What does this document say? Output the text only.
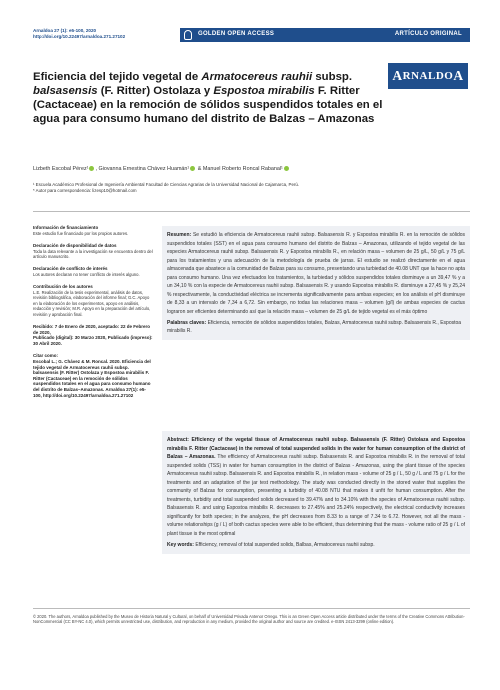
Arnaldoa 27 (1): e5-100, 2020
http://doi.org/10.22497/arnaldoa.271.27102	GOLDEN OPEN ACCESS	ARTÍCULO ORIGINAL
Eficiencia del tejido vegetal de Armatocereus rauhii subsp. balsasensis (F. Ritter) Ostolaza y Espostoa mirabilis F. Ritter (Cactaceae) en la remoción de sólidos suspendidos totales en el agua para consumo humano del distrito de Balzas – Amazonas
A RNALDO A
Lizbeth Escobal Pérez¹ , Giovanna Ernestina Chávez Huamán¹ & Manuel Roberto Roncal Rabanal¹
¹ Escuela Académico Profesional de Ingeniería Ambiental Facultad de Ciencias Agrarias de la Universidad Nacional de Cajamarca, Perú.
* Autor para correspondencia: lizesp10@hotmail.com
Información de financiamiento
Este estudio fue financiado por los propios autores.
Declaración de disponibilidad de datos
Toda la data relevante a la investigación se encuentra dentro del artículo manuscrito.
Declaración de conflicto de interés
Los autores declaran no tener conflicto de interés alguno.
Contribución de los autores
L.E. Realización de la tesis experimental, análisis de datos, revisión bibliográfica, elaboración del informe final; G.C. Apoyo en la elaboración de los experimentos, apoyo en análisis, redacción y revisión; M.R. Apoyo en la preparación del artículo, revisión y aprobación final.
Recibido: 7 de Enero de 2020, aceptado: 22 de Febrero de 2020,
Publicado (digital): 30 Marzo 2020, Publicado (impreso): 30 Abril 2020.
Citar como:
Escobal L.; G. Chávez & M. Roncal. 2020. Eficiencia del tejido vegetal de Armatocereus rauhii subsp. balsasensis (F. Ritter) Ostolaza y Espostoa mirabilis F. Ritter (Cactaceae) en la remoción de sólidos suspendidos totales en el agua para consumo humano del distrito de Balzas–Amazonas. Arnaldoa 27(1): e5-100, http://doi.org/10.22497/arnaldoa.271.27102
Resumen: Se estudió la eficiencia de Armatocereus rauhii subsp. Balsasensis R. y Espostoa mirabilis R. en la remoción de sólidos suspendidos totales (SST) en el agua para consumo humano del distrito de Balzas – Amazonas, utilizando el tejido vegetal de las especies Armatocereus rauhii subsp. Balsasensis R. y Espostoa mirabilis R., en relación masa – volumen de 25 g/L, 50 g/L y 75 g/L para los tratamientos y una adecuación de la metodología de prueba de jarras. El estudio se realizó directamente en el agua almacenada que abastece a la comunidad de Balzas para su consumo, presentando una turbiedad de 40.08 UNT que la hace no apta para consumo humano. Una vez efectuados los tratamientos, la turbiedad y sólidos suspendidos totales disminuye a un 39,47 % y a un 34,10 % con la especie de Armatocereus rauhii subsp. Balsasensis R. y usando Espostoa mirabilis R. disminuye a 27,45 % y 25,24 % respectivamente, la conductividad eléctrica se incrementa significativamente para ambas especies; en los análisis el pH disminuye de 8,33 a un intervalo de 7,34 a 6,72. Sin embargo, no todas las relaciones masa – volumen (g/l) de ambas especies de cactus lograron ser eficientes determinando así que la relación masa – volumen de 25 g/L de tejido vegetal es el más óptimo
Palabras claves: Eficiencia, remoción de sólidos suspendidos totales, Balzas, Armatocereus rauhii subsp. Balsasensis R., Espostoa mirabilis R.
Abstract: Efficiency of the vegetal tissue of Armatocereus rauhii subsp. Balsasensis (F. Ritter) Ostolaza and Espostoa mirabilis F. Ritter (Cactaceae) in the removal of total suspended solids in the water for human consumption of the district of Balzas – Amazonas. The efficiency of Armatocereus rauhii subsp. Balsasensis R. and Espostoa mirabilis R. in the removal of total suspended solids (TSS) in water for human consumption in the district of Balzas - Amazonas, using the plant tissue of the species Armatocereus rauhii subsp. Balsasensis R. and Espostoa mirabilis R., in relation mass - volume of 25 g / L, 50 g / L and 75 g / L for the treatments and an adaptation of the jar test methodology. The study was conducted directly in the stored water that supplies the community of Balzas for consumption, presenting a turbidity of 40.08 NTU that makes it unfit for human consumption. After the treatments, turbidity and total suspended solids decreased to 39.47% and to 34.10% with the species of Armatocereus rauhii subsp. Balsasensis R. and using Espostoa mirabilis R. decreases to 27.45% and 25.24% respectively, the electrical conductivity increases significantly for both species; in the analyzes, the pH decreases from 8.33 to a range of 7.34 to 6.72. However, not all the mass - volume relationships (g / L) of both cactus species were able to be efficient, thus determining that the mass - volume ratio of 25 g / L of plant tissue is the most optimal
Key words: Efficiency, removal of total suspended solids, Balbas, Armatocereus rauhii subsp.
© 2020. The authors, Arnaldoa published by the Museo de Historia Natural y Cultural, on behalf of Universidad Privada Antenor Orrego. This is an Green Open Access article distributed under the terms of the Creative Commons Attribution-NonCommercial (CC BY-NC 4.0), which permits unrestricted use, distribution, and reproduction in any medium, provided the original author and source are credited. e-ISSN 2413-3299 (online edition).
